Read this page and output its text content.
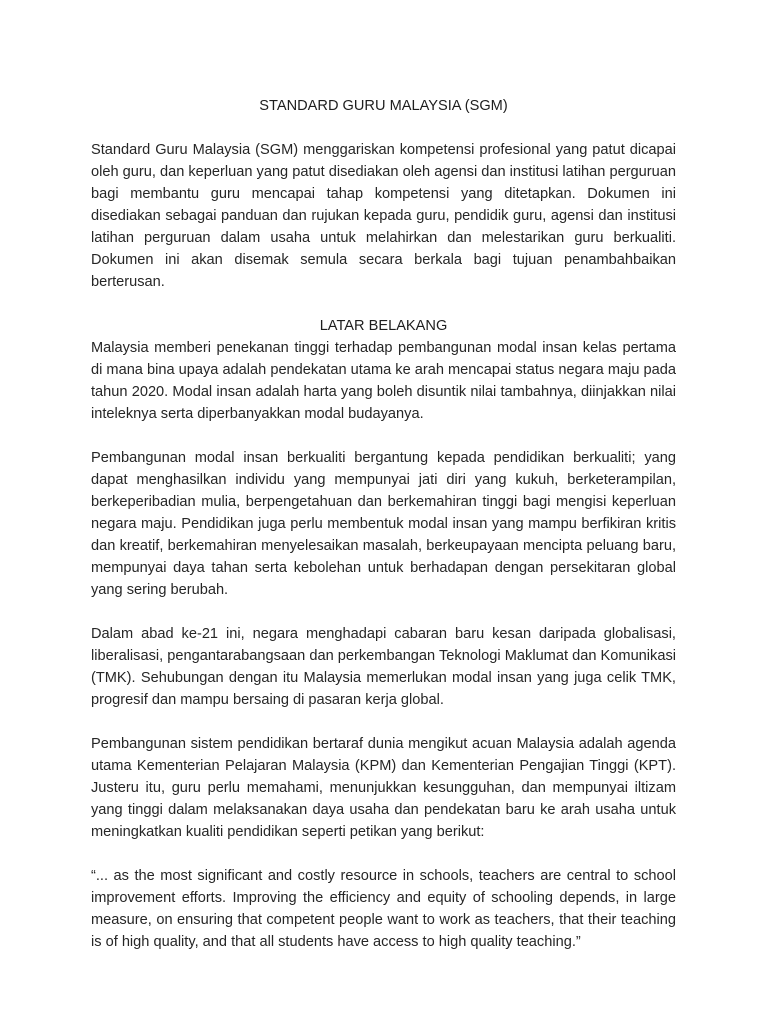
STANDARD GURU MALAYSIA (SGM)

Standard Guru Malaysia (SGM) menggariskan kompetensi profesional yang patut dicapai oleh guru, dan keperluan yang patut disediakan oleh agensi dan institusi latihan perguruan bagi membantu guru mencapai tahap kompetensi yang ditetapkan. Dokumen ini disediakan sebagai panduan dan rujukan kepada guru, pendidik guru, agensi dan institusi latihan perguruan dalam usaha untuk melahirkan dan melestarikan guru berkualiti. Dokumen ini akan disemak semula secara berkala bagi tujuan penambahbaikan berterusan.

LATAR BELAKANG

Malaysia memberi penekanan tinggi terhadap pembangunan modal insan kelas pertama di mana bina upaya adalah pendekatan utama ke arah mencapai status negara maju pada tahun 2020. Modal insan adalah harta yang boleh disuntik nilai tambahnya, diinjakkan nilai inteleknya serta diperbanyakkan modal budayanya.

Pembangunan modal insan berkualiti bergantung kepada pendidikan berkualiti; yang dapat menghasilkan individu yang mempunyai jati diri yang kukuh, berketerampilan, berkeperibadian mulia, berpengetahuan dan berkemahiran tinggi bagi mengisi keperluan negara maju. Pendidikan juga perlu membentuk modal insan yang mampu berfikiran kritis dan kreatif, berkemahiran menyelesaikan masalah, berkeupayaan mencipta peluang baru, mempunyai daya tahan serta kebolehan untuk berhadapan dengan persekitaran global yang sering berubah.

Dalam abad ke-21 ini, negara menghadapi cabaran baru kesan daripada globalisasi, liberalisasi, pengantarabangsaan dan perkembangan Teknologi Maklumat dan Komunikasi (TMK). Sehubungan dengan itu Malaysia memerlukan modal insan yang juga celik TMK, progresif dan mampu bersaing di pasaran kerja global.

Pembangunan sistem pendidikan bertaraf dunia mengikut acuan Malaysia adalah agenda utama Kementerian Pelajaran Malaysia (KPM) dan Kementerian Pengajian Tinggi (KPT). Justeru itu, guru perlu memahami, menunjukkan kesungguhan, dan mempunyai iltizam yang tinggi dalam melaksanakan daya usaha dan pendekatan baru ke arah usaha untuk meningkatkan kualiti pendidikan seperti petikan yang berikut:

“... as the most significant and costly resource in schools, teachers are central to school improvement efforts. Improving the efficiency and equity of schooling depends, in large measure, on ensuring that competent people want to work as teachers, that their teaching is of high quality, and that all students have access to high quality teaching.”
